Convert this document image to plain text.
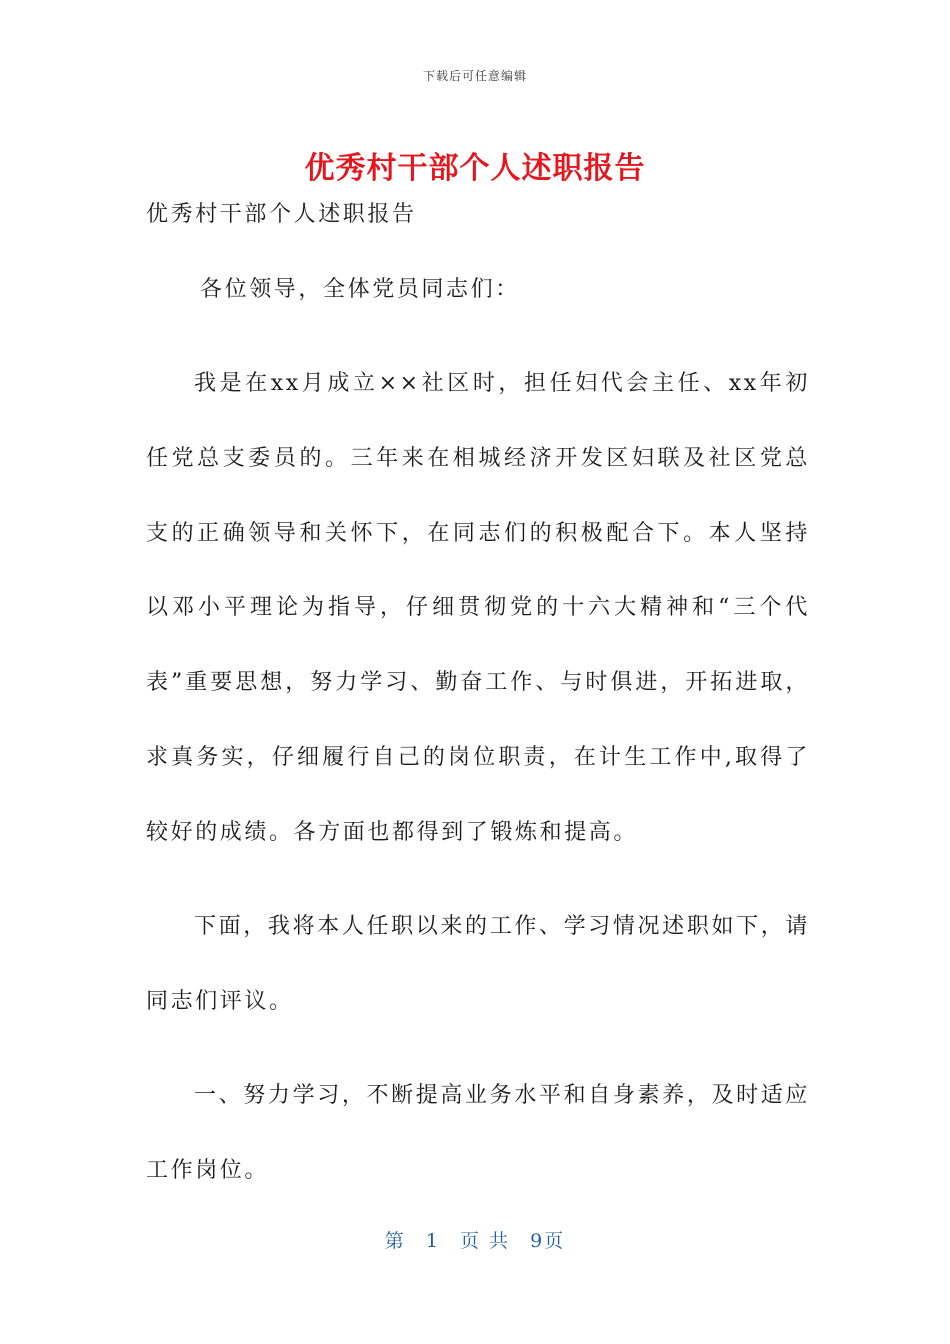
下载后可任意编辑
优秀村干部个人述职报告

优秀村干部个人述职报告

各位领导，全体党员同志们：

我是在xx月成立××社区时，担任妇代会主任、xx年初任党总支委员的。三年来在相城经济开发区妇联及社区党总支的正确领导和关怀下，在同志们的积极配合下。本人坚持以邓小平理论为指导，仔细贯彻党的十六大精神和“三个代表”重要思想，努力学习、勤奋工作、与时俱进，开拓进取，求真务实，仔细履行自己的岗位职责，在计生工作中,取得了较好的成绩。各方面也都得到了锻炼和提高。

下面，我将本人任职以来的工作、学习情况述职如下，请同志们评议。

一、努力学习，不断提高业务水平和自身素养，及时适应工作岗位。

第 1 页 共 9页
